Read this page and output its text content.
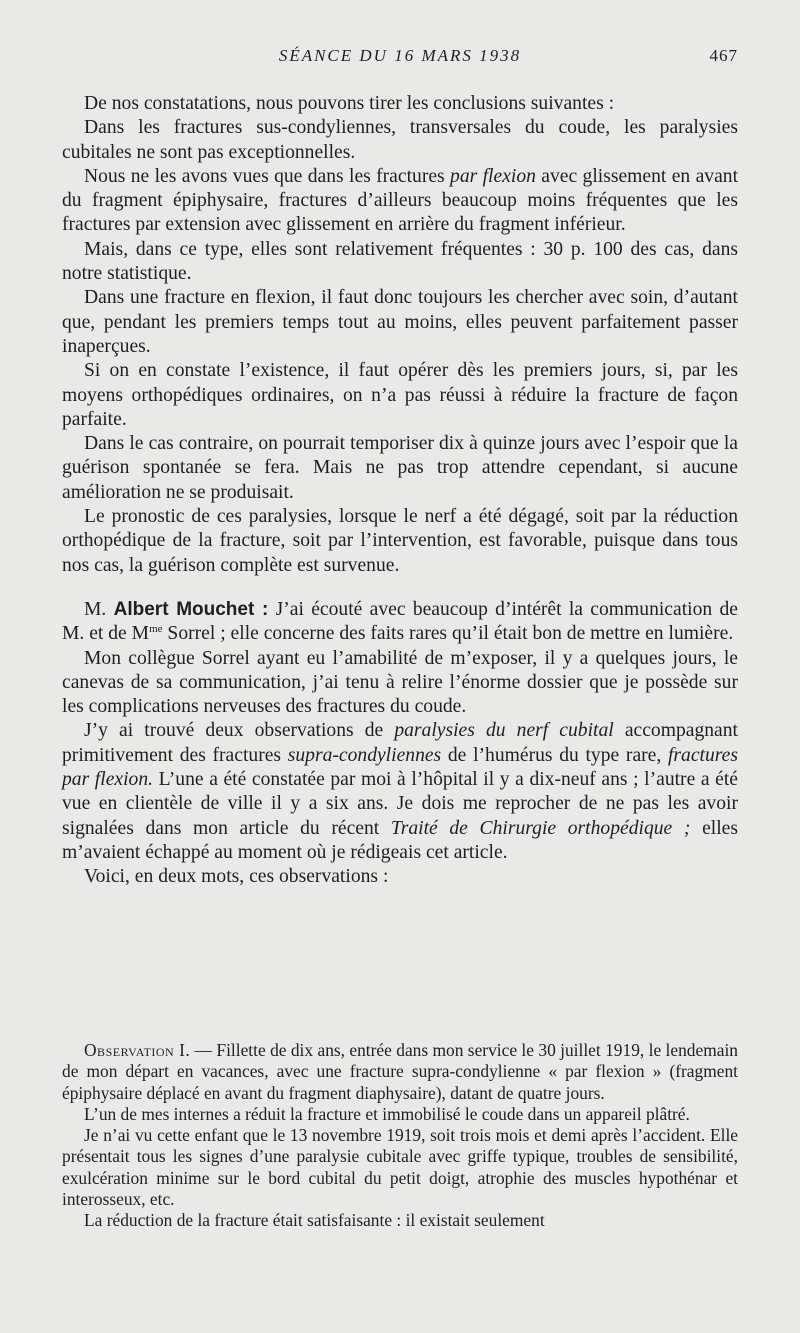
SÉANCE DU 16 MARS 1938	467

De nos constatations, nous pouvons tirer les conclusions suivantes :

Dans les fractures sus-condyliennes, transversales du coude, les paralysies cubitales ne sont pas exceptionnelles.

Nous ne les avons vues que dans les fractures par flexion avec glissement en avant du fragment épiphysaire, fractures d’ailleurs beaucoup moins fréquentes que les fractures par extension avec glissement en arrière du fragment inférieur.

Mais, dans ce type, elles sont relativement fréquentes : 30 p. 100 des cas, dans notre statistique.

Dans une fracture en flexion, il faut donc toujours les chercher avec soin, d’autant que, pendant les premiers temps tout au moins, elles peuvent parfaitement passer inaperçues.

Si on en constate l’existence, il faut opérer dès les premiers jours, si, par les moyens orthopédiques ordinaires, on n’a pas réussi à réduire la fracture de façon parfaite.

Dans le cas contraire, on pourrait temporiser dix à quinze jours avec l’espoir que la guérison spontanée se fera. Mais ne pas trop attendre cependant, si aucune amélioration ne se produisait.

Le pronostic de ces paralysies, lorsque le nerf a été dégagé, soit par la réduction orthopédique de la fracture, soit par l’intervention, est favorable, puisque dans tous nos cas, la guérison complète est survenue.

M. Albert Mouchet : J’ai écouté avec beaucoup d’intérêt la communication de M. et de $M^{me}$ Sorrel ; elle concerne des faits rares qu’il était bon de mettre en lumière.

Mon collègue Sorrel ayant eu l’amabilité de m’exposer, il y a quelques jours, le canevas de sa communication, j’ai tenu à relire l’énorme dossier que je possède sur les complications nerveuses des fractures du coude.

J’y ai trouvé deux observations de paralysies du nerf cubital accompagnant primitivement des fractures supra-condyliennes de l’humérus du type rare, fractures par flexion. L’une a été constatée par moi à l’hôpital il y a dix-neuf ans ; l’autre a été vue en clientèle de ville il y a six ans. Je dois me reprocher de ne pas les avoir signalées dans mon article du récent Traité de Chirurgie orthopédique ; elles m’avaient échappé au moment où je rédigeais cet article.

Voici, en deux mots, ces observations :

Observation I. — Fillette de dix ans, entrée dans mon service le 30 juillet 1919, le lendemain de mon départ en vacances, avec une fracture supra-condylienne « par flexion » (fragment épiphysaire déplacé en avant du fragment diaphysaire), datant de quatre jours.

L’un de mes internes a réduit la fracture et immobilisé le coude dans un appareil plâtré.

Je n’ai vu cette enfant que le 13 novembre 1919, soit trois mois et demi après l’accident. Elle présentait tous les signes d’une paralysie cubitale avec griffe typique, troubles de sensibilité, exulcération minime sur le bord cubital du petit doigt, atrophie des muscles hypothénar et interosseux, etc.

La réduction de la fracture était satisfaisante : il existait seulement
